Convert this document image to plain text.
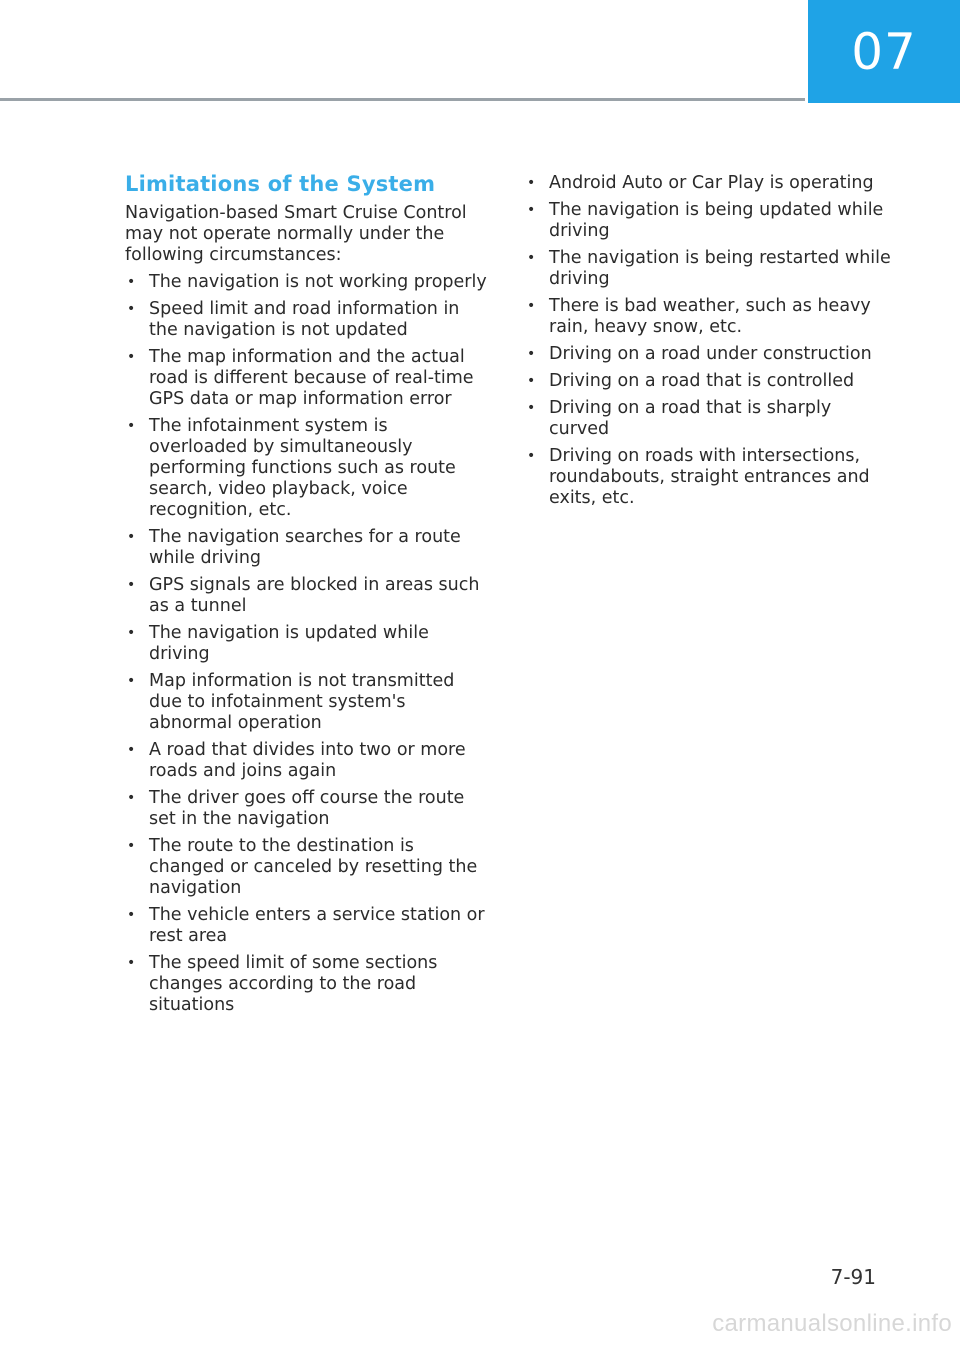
07
Limitations of the System
Navigation-based Smart Cruise Control may not operate normally under the following circumstances:
• The navigation is not working properly
• Speed limit and road information in the navigation is not updated
• The map information and the actual road is different because of real-time GPS data or map information error
• The infotainment system is overloaded by simultaneously performing functions such as route search, video playback, voice recognition, etc.
• The navigation searches for a route while driving
• GPS signals are blocked in areas such as a tunnel
• The navigation is updated while driving
• Map information is not transmitted due to infotainment system's abnormal operation
• A road that divides into two or more roads and joins again
• The driver goes off course the route set in the navigation
• The route to the destination is changed or canceled by resetting the navigation
• The vehicle enters a service station or rest area
• The speed limit of some sections changes according to the road situations
• Android Auto or Car Play is operating
• The navigation is being updated while driving
• The navigation is being restarted while driving
• There is bad weather, such as heavy rain, heavy snow, etc.
• Driving on a road under construction
• Driving on a road that is controlled
• Driving on a road that is sharply curved
• Driving on roads with intersections, roundabouts, straight entrances and exits, etc.
7-91
carmanualsonline.info
